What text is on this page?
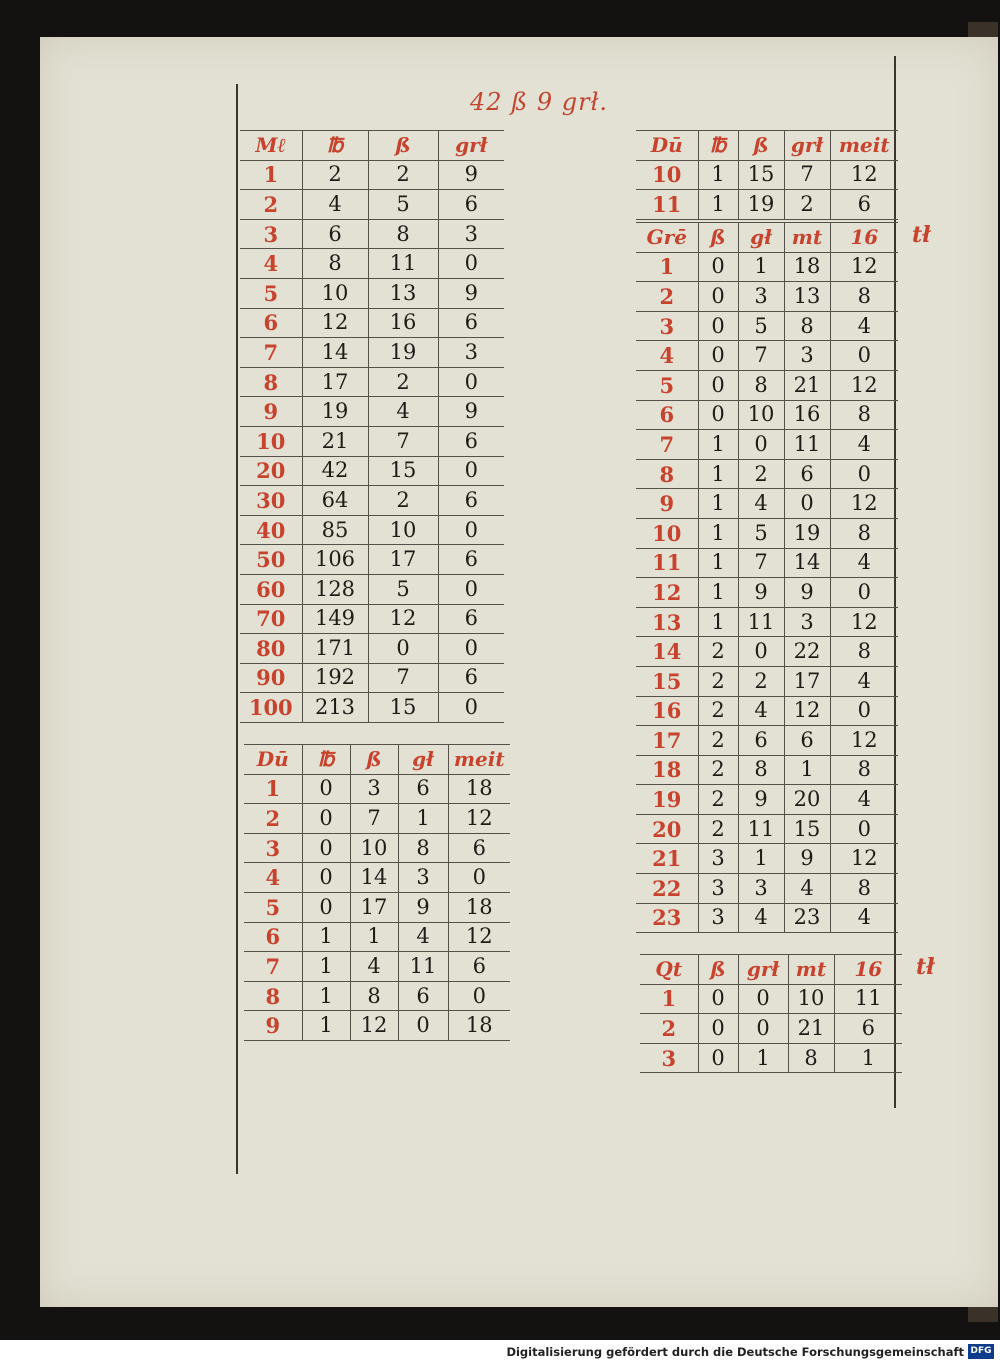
42 ß 9 grł.
Mℓ	℔	ß	grł
1	2	2	9
2	4	5	6
3	6	8	3
4	8	11	0
5	10	13	9
6	12	16	6
7	14	19	3
8	17	2	0
9	19	4	9
10	21	7	6
20	42	15	0
30	64	2	6
40	85	10	0
50	106	17	6
60	128	5	0
70	149	12	6
80	171	0	0
90	192	7	6
100	213	15	0
Dū	℔	ß	gł	meit
1	0	3	6	18
2	0	7	1	12
3	0	10	8	6
4	0	14	3	0
5	0	17	9	18
6	1	1	4	12
7	1	4	11	6
8	1	8	6	0
9	1	12	0	18
Dū	℔	ß	grł	meit
10	1	15	7	12
11	1	19	2	6
Grē	ß	gł	mt	16
1	0	1	18	12
2	0	3	13	8
3	0	5	8	4
4	0	7	3	0
5	0	8	21	12
6	0	10	16	8
7	1	0	11	4
8	1	2	6	0
9	1	4	0	12
10	1	5	19	8
11	1	7	14	4
12	1	9	9	0
13	1	11	3	12
14	2	0	22	8
15	2	2	17	4
16	2	4	12	0
17	2	6	6	12
18	2	8	1	8
19	2	9	20	4
20	2	11	15	0
21	3	1	9	12
22	3	3	4	8
23	3	4	23	4
tł
Qt	ß	grł	mt	16
1	0	0	10	11
2	0	0	21	6
3	0	1	8	1
tł
Digitalisierung gefördert durch die Deutsche Forschungsgemeinschaft DFG
